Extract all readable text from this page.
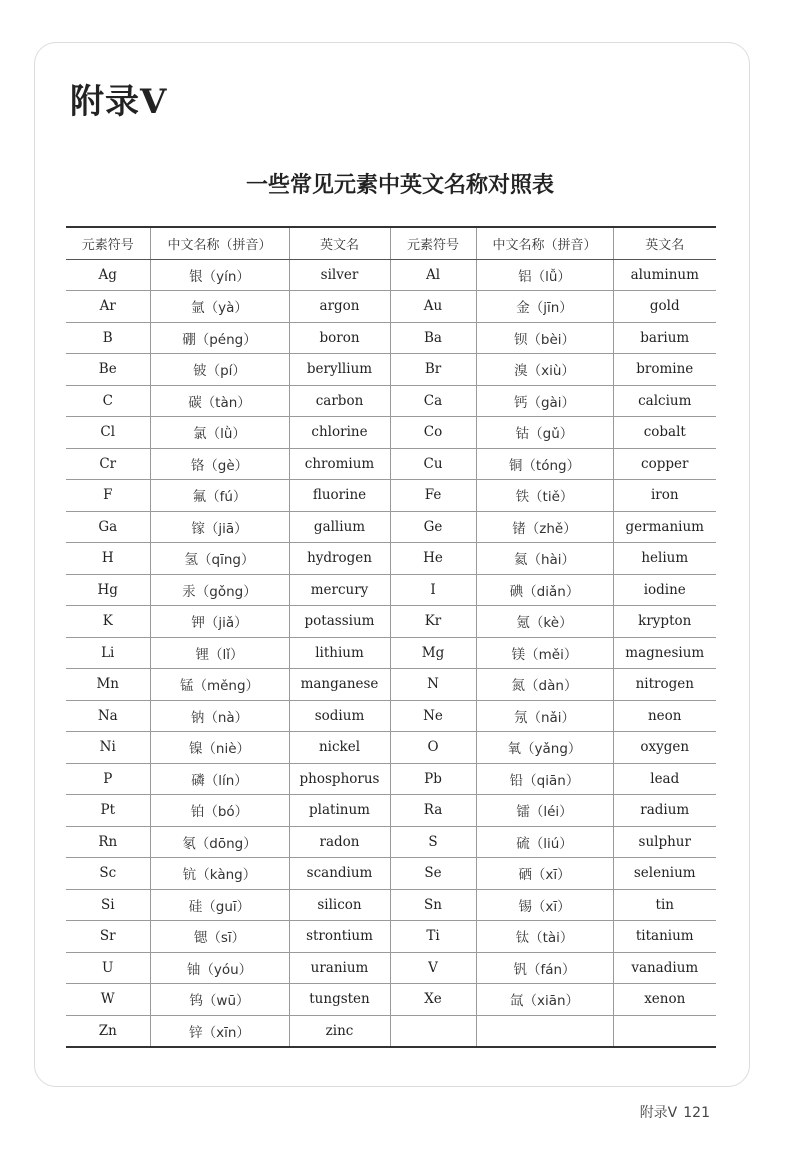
附录V
一些常见元素中英文名称对照表
元素符号	中文名称（拼音）	英文名	元素符号	中文名称（拼音）	英文名
Ag	银（yín）	silver	Al	铝（lǚ）	aluminum
Ar	氩（yà）	argon	Au	金（jīn）	gold
B	硼（péng）	boron	Ba	钡（bèi）	barium
Be	铍（pí）	beryllium	Br	溴（xiù）	bromine
C	碳（tàn）	carbon	Ca	钙（gài）	calcium
Cl	氯（lǜ）	chlorine	Co	钴（gǔ）	cobalt
Cr	铬（gè）	chromium	Cu	铜（tóng）	copper
F	氟（fú）	fluorine	Fe	铁（tiě）	iron
Ga	镓（jiā）	gallium	Ge	锗（zhě）	germanium
H	氢（qīng）	hydrogen	He	氦（hài）	helium
Hg	汞（gǒng）	mercury	I	碘（diǎn）	iodine
K	钾（jiǎ）	potassium	Kr	氪（kè）	krypton
Li	锂（lǐ）	lithium	Mg	镁（měi）	magnesium
Mn	锰（měng）	manganese	N	氮（dàn）	nitrogen
Na	钠（nà）	sodium	Ne	氖（nǎi）	neon
Ni	镍（niè）	nickel	O	氧（yǎng）	oxygen
P	磷（lín）	phosphorus	Pb	铅（qiān）	lead
Pt	铂（bó）	platinum	Ra	镭（léi）	radium
Rn	氡（dōng）	radon	S	硫（liú）	sulphur
Sc	钪（kàng）	scandium	Se	硒（xī）	selenium
Si	硅（guī）	silicon	Sn	锡（xī）	tin
Sr	锶（sī）	strontium	Ti	钛（tài）	titanium
U	铀（yóu）	uranium	V	钒（fán）	vanadium
W	钨（wū）	tungsten	Xe	氙（xiān）	xenon
Zn	锌（xīn）	zinc			
附录V 121
